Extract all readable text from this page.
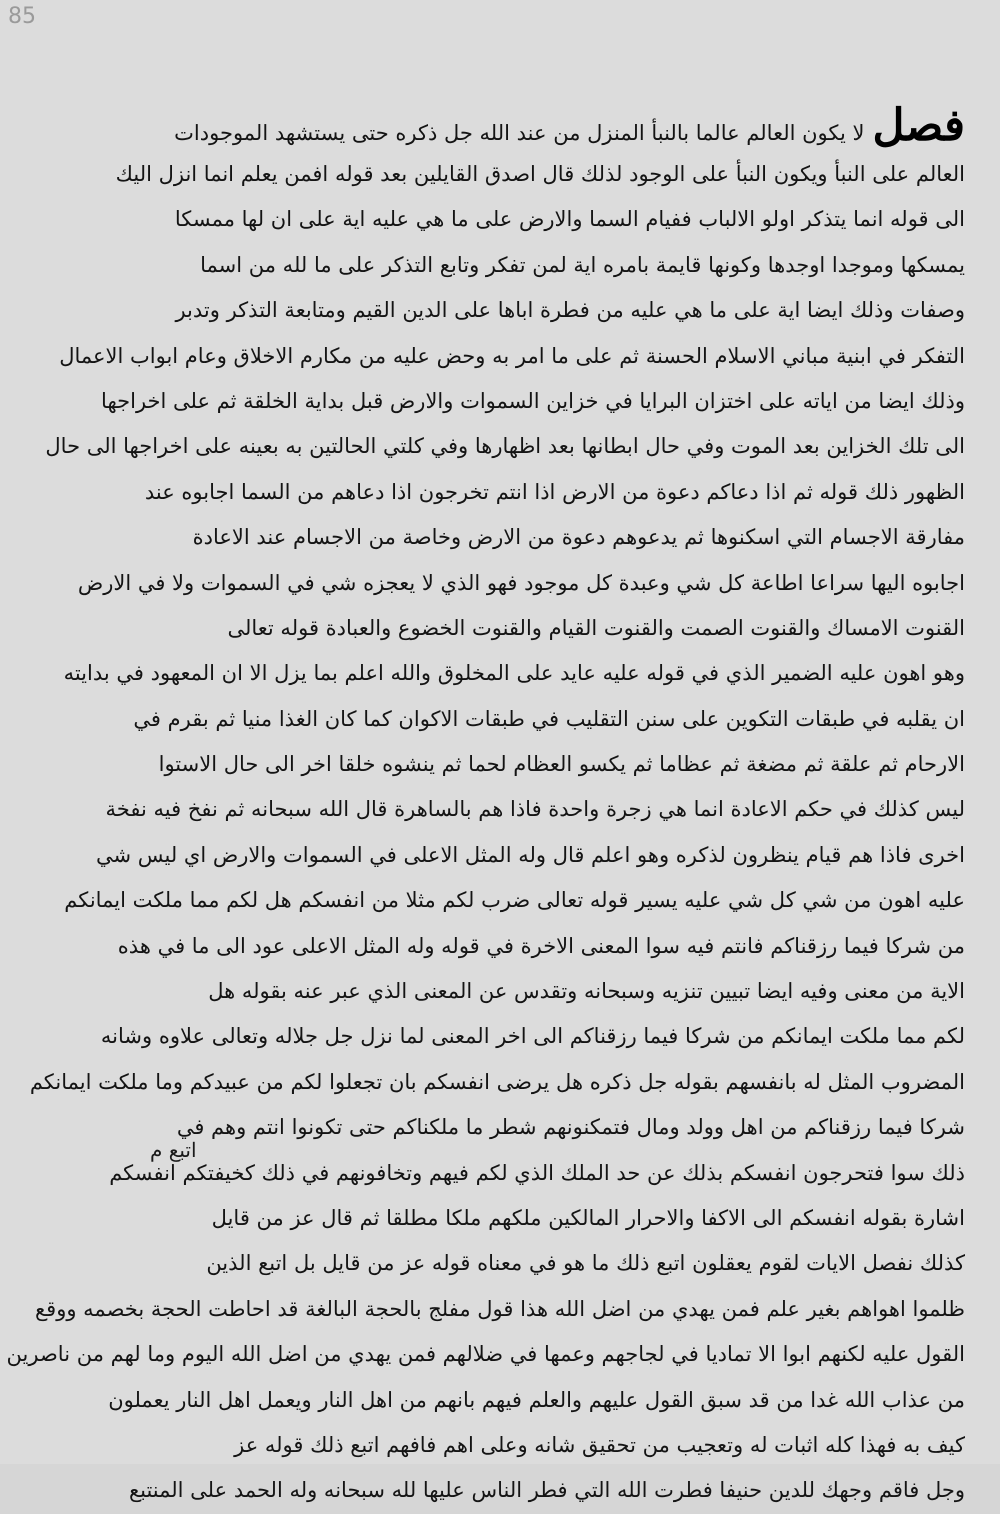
85
اتبع م
فصللا يكون العالم عالما بالنبأ المنزل من عند الله جل ذكره حتى يستشهد الموجودات
العالم على النبأ ويكون النبأ على الوجود لذلك قال اصدق القايلين بعد قوله افمن يعلم انما انزل اليك
الى قوله انما يتذكر اولو الالباب ففيام السما والارض على ما هي عليه اية على ان لها ممسكا
يمسكها وموجدا اوجدها وكونها قايمة بامره اية لمن تفكر وتابع التذكر على ما لله من اسما
وصفات وذلك ايضا اية على ما هي عليه من فطرة اباها على الدين القيم ومتابعة التذكر وتدبر
التفكر في ابنية مباني الاسلام الحسنة ثم على ما امر به وحض عليه من مكارم الاخلاق وعام ابواب الاعمال
وذلك ايضا من اياته على اختزان البرايا في خزاين السموات والارض قبل بداية الخلقة ثم على اخراجها
الى تلك الخزاين بعد الموت وفي حال ابطانها بعد اظهارها وفي كلتي الحالتين به بعينه على اخراجها الى حال
الظهور ذلك قوله ثم اذا دعاكم دعوة من الارض اذا انتم تخرجون اذا دعاهم من السما اجابوه عند
مفارقة الاجسام التي اسكنوها ثم يدعوهم دعوة من الارض وخاصة من الاجسام عند الاعادة
اجابوه اليها سراعا اطاعة كل شي وعبدة كل موجود فهو الذي لا يعجزه شي في السموات ولا في الارض
القنوت الامساك والقنوت الصمت والقنوت القيام والقنوت الخضوع والعبادة قوله تعالى
وهو اهون عليه الضمير الذي في قوله عليه عايد على المخلوق والله اعلم بما يزل الا ان المعهود في بدايته
ان يقلبه في طبقات التكوين على سنن التقليب في طبقات الاكوان كما كان الغذا منيا ثم بقرم في
الارحام ثم علقة ثم مضغة ثم عظاما ثم يكسو العظام لحما ثم ينشوه خلقا اخر الى حال الاستوا
ليس كذلك في حكم الاعادة انما هي زجرة واحدة فاذا هم بالساهرة قال الله سبحانه ثم نفخ فيه نفخة
اخرى فاذا هم قيام ينظرون لذكره وهو اعلم قال وله المثل الاعلى في السموات والارض اي ليس شي
عليه اهون من شي كل شي عليه يسير قوله تعالى ضرب لكم مثلا من انفسكم هل لكم مما ملكت ايمانكم
من شركا فيما رزقناكم فانتم فيه سوا المعنى الاخرة في قوله وله المثل الاعلى عود الى ما في هذه
الاية من معنى وفيه ايضا تبيين تنزيه وسبحانه وتقدس عن المعنى الذي عبر عنه بقوله هل
لكم مما ملكت ايمانكم من شركا فيما رزقناكم الى اخر المعنى لما نزل جل جلاله وتعالى علاوه وشانه
المضروب المثل له بانفسهم بقوله جل ذكره هل يرضى انفسكم بان تجعلوا لكم من عبيدكم وما ملكت ايمانكم
شركا فيما رزقناكم من اهل وولد ومال فتمكنونهم شطر ما ملكناكم حتى تكونوا انتم وهم في
ذلك سوا فتحرجون انفسكم بذلك عن حد الملك الذي لكم فيهم وتخافونهم في ذلك كخيفتكم انفسكم
اشارة بقوله انفسكم الى الاكفا والاحرار المالكين ملكهم ملكا مطلقا ثم قال عز من قايل
كذلك نفصل الايات لقوم يعقلون اتبع ذلك ما هو في معناه قوله عز من قايل بل اتبع الذين
ظلموا اهواهم بغير علم فمن يهدي من اضل الله هذا قول مفلج بالحجة البالغة قد احاطت الحجة بخصمه ووقع
القول عليه لكنهم ابوا الا تماديا في لجاجهم وعمها في ضلالهم فمن يهدي من اضل الله اليوم وما لهم من ناصرين
من عذاب الله غدا من قد سبق القول عليهم والعلم فيهم بانهم من اهل النار ويعمل اهل النار يعملون
كيف به فهذا كله اثبات له وتعجيب من تحقيق شانه وعلى اهم فافهم اتبع ذلك قوله عز
وجل فاقم وجهك للدين حنيفا فطرت الله التي فطر الناس عليها لله سبحانه وله الحمد على المنتبع
